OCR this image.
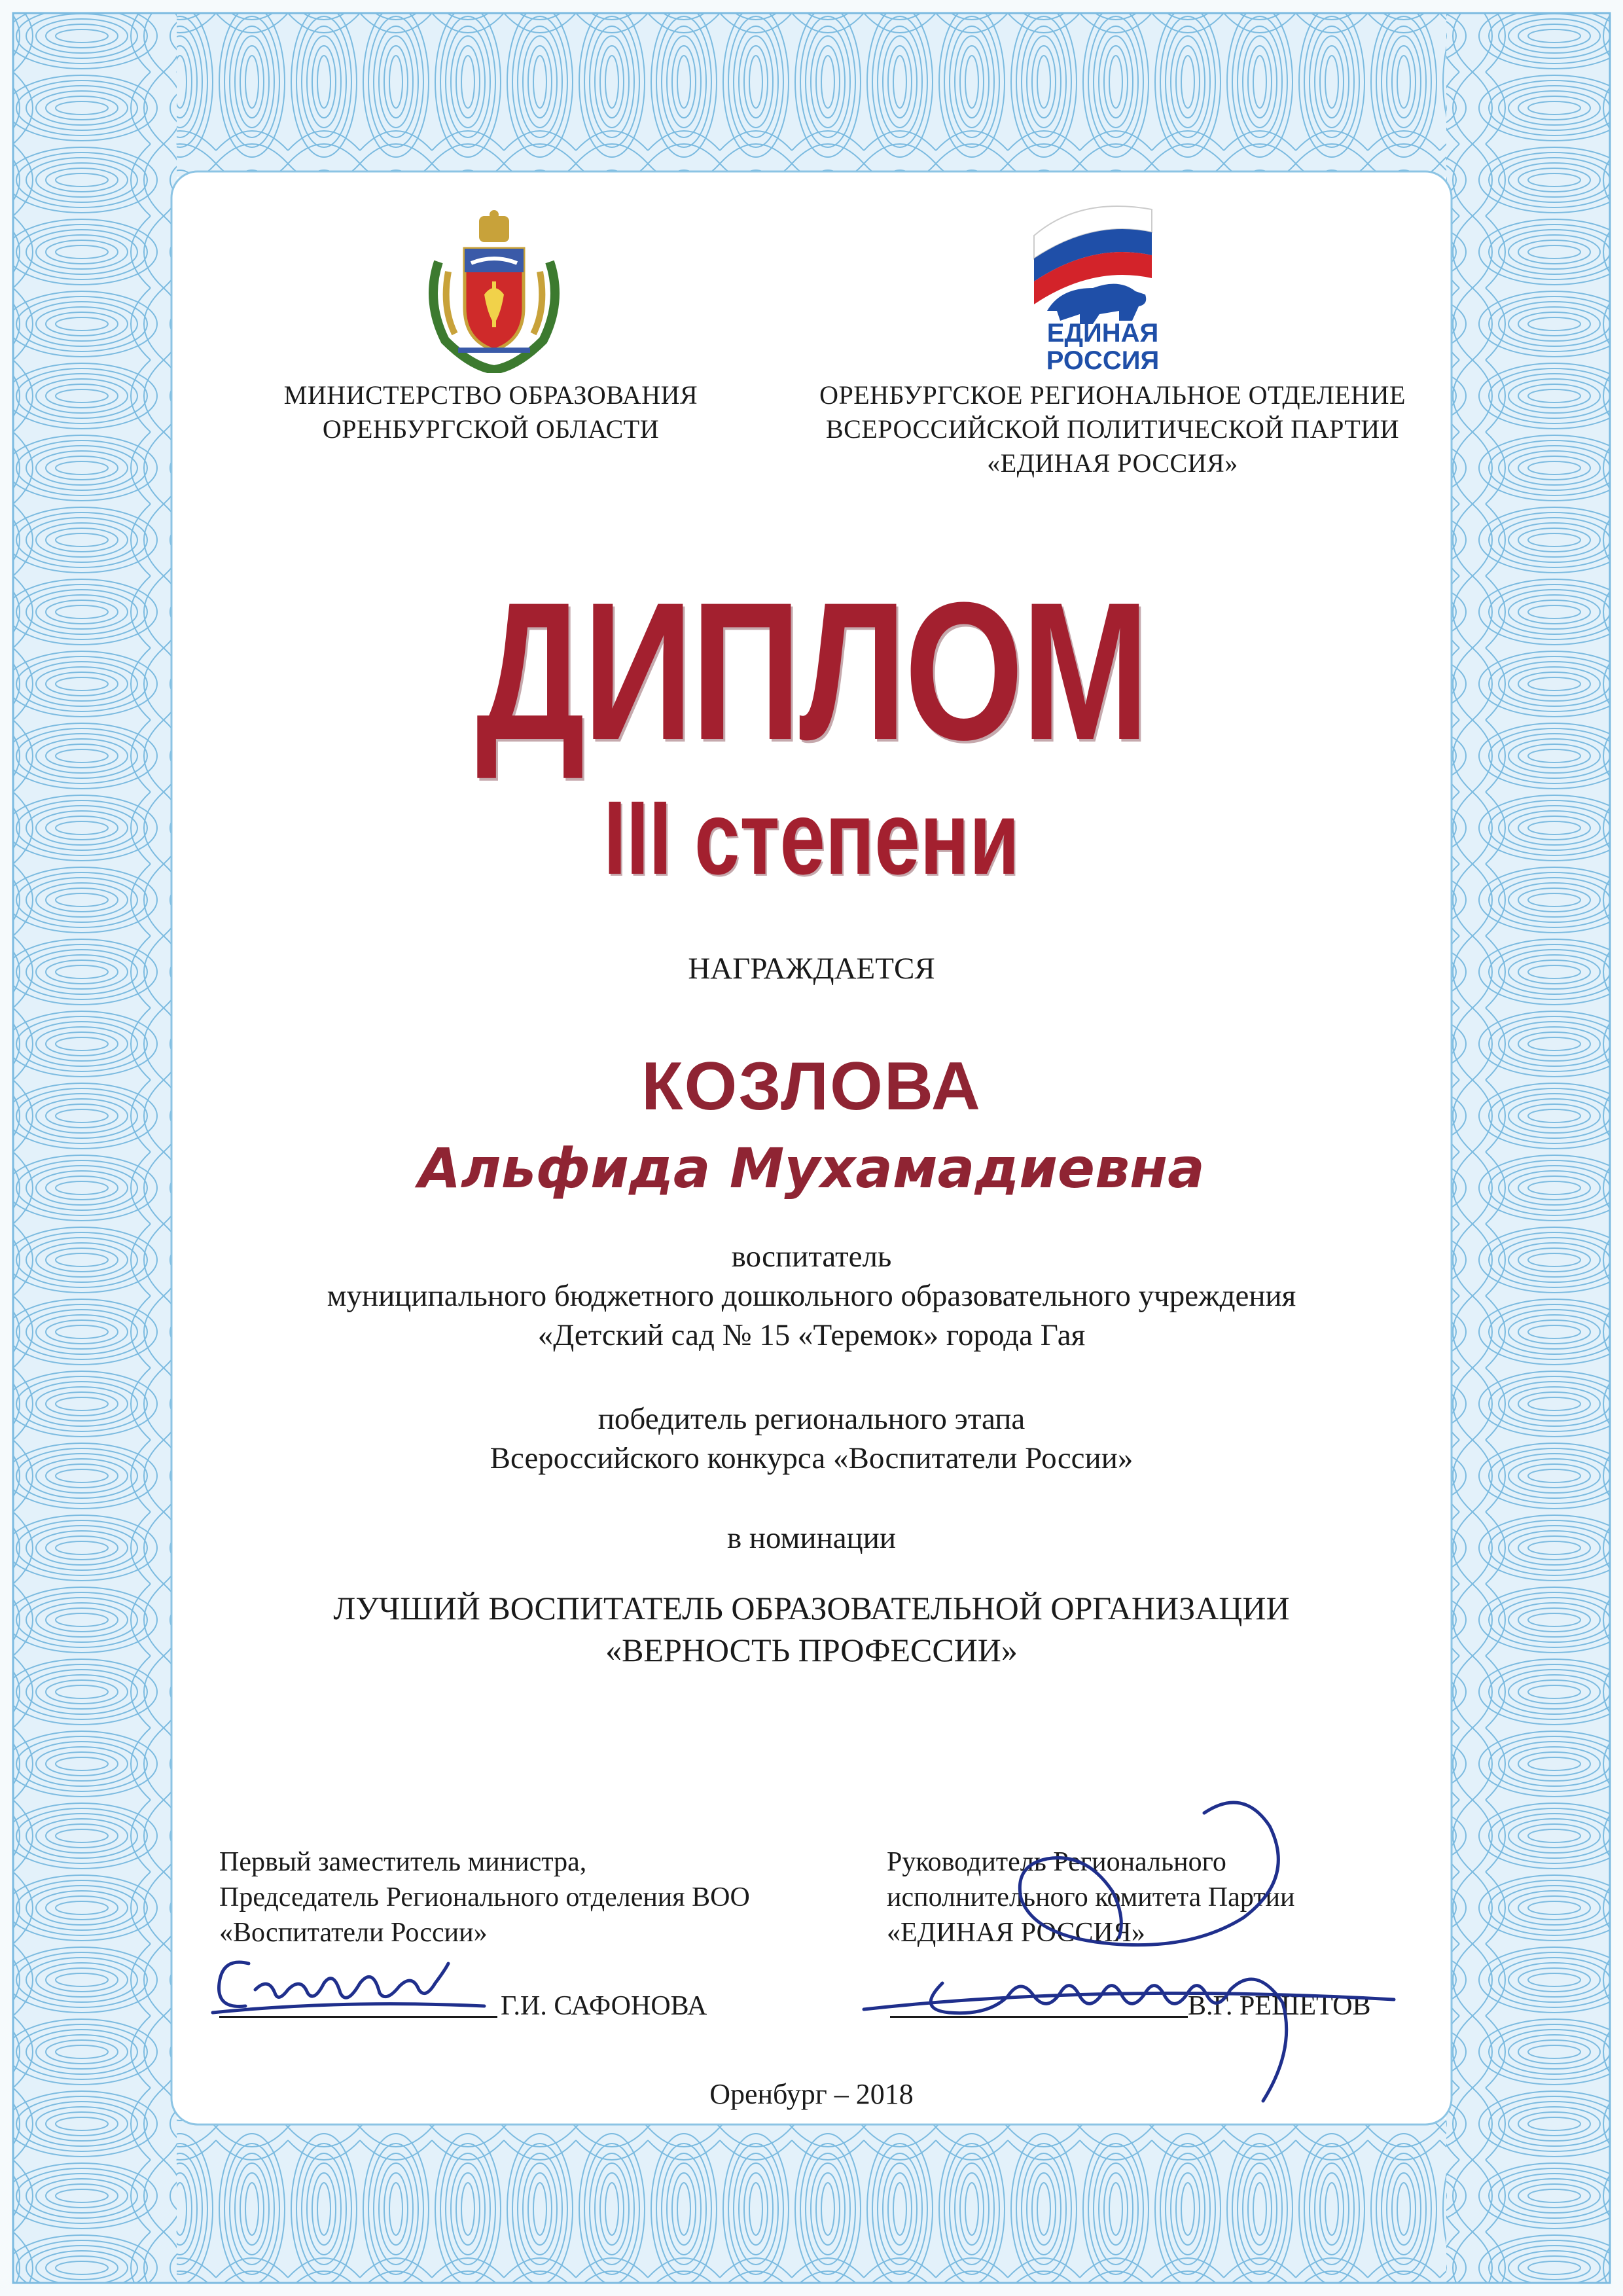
ЕДИНАЯ
РОССИЯ
МИНИСТЕРСТВО ОБРАЗОВАНИЯ
ОРЕНБУРГСКОЙ ОБЛАСТИ
ОРЕНБУРГСКОЕ РЕГИОНАЛЬНОЕ ОТДЕЛЕНИЕ
ВСЕРОССИЙСКОЙ ПОЛИТИЧЕСКОЙ ПАРТИИ
«ЕДИНАЯ РОССИЯ»
ДИПЛОМ
III степени
НАГРАЖДАЕТСЯ
КОЗЛОВА
Альфида Мухамадиевна
воспитатель
муниципального бюджетного дошкольного образовательного учреждения
«Детский сад № 15 «Теремок» города Гая
победитель регионального этапа
Всероссийского конкурса «Воспитатели России»
в номинации
ЛУЧШИЙ ВОСПИТАТЕЛЬ ОБРАЗОВАТЕЛЬНОЙ ОРГАНИЗАЦИИ
«ВЕРНОСТЬ ПРОФЕССИИ»
Первый заместитель министра,
Председатель Регионального отделения ВОО
«Воспитатели России»
Г.И. САФОНОВА
Руководитель Регионального
исполнительного комитета Партии
«ЕДИНАЯ РОССИЯ»
В.Г. РЕШЕТОВ
Оренбург – 2018
